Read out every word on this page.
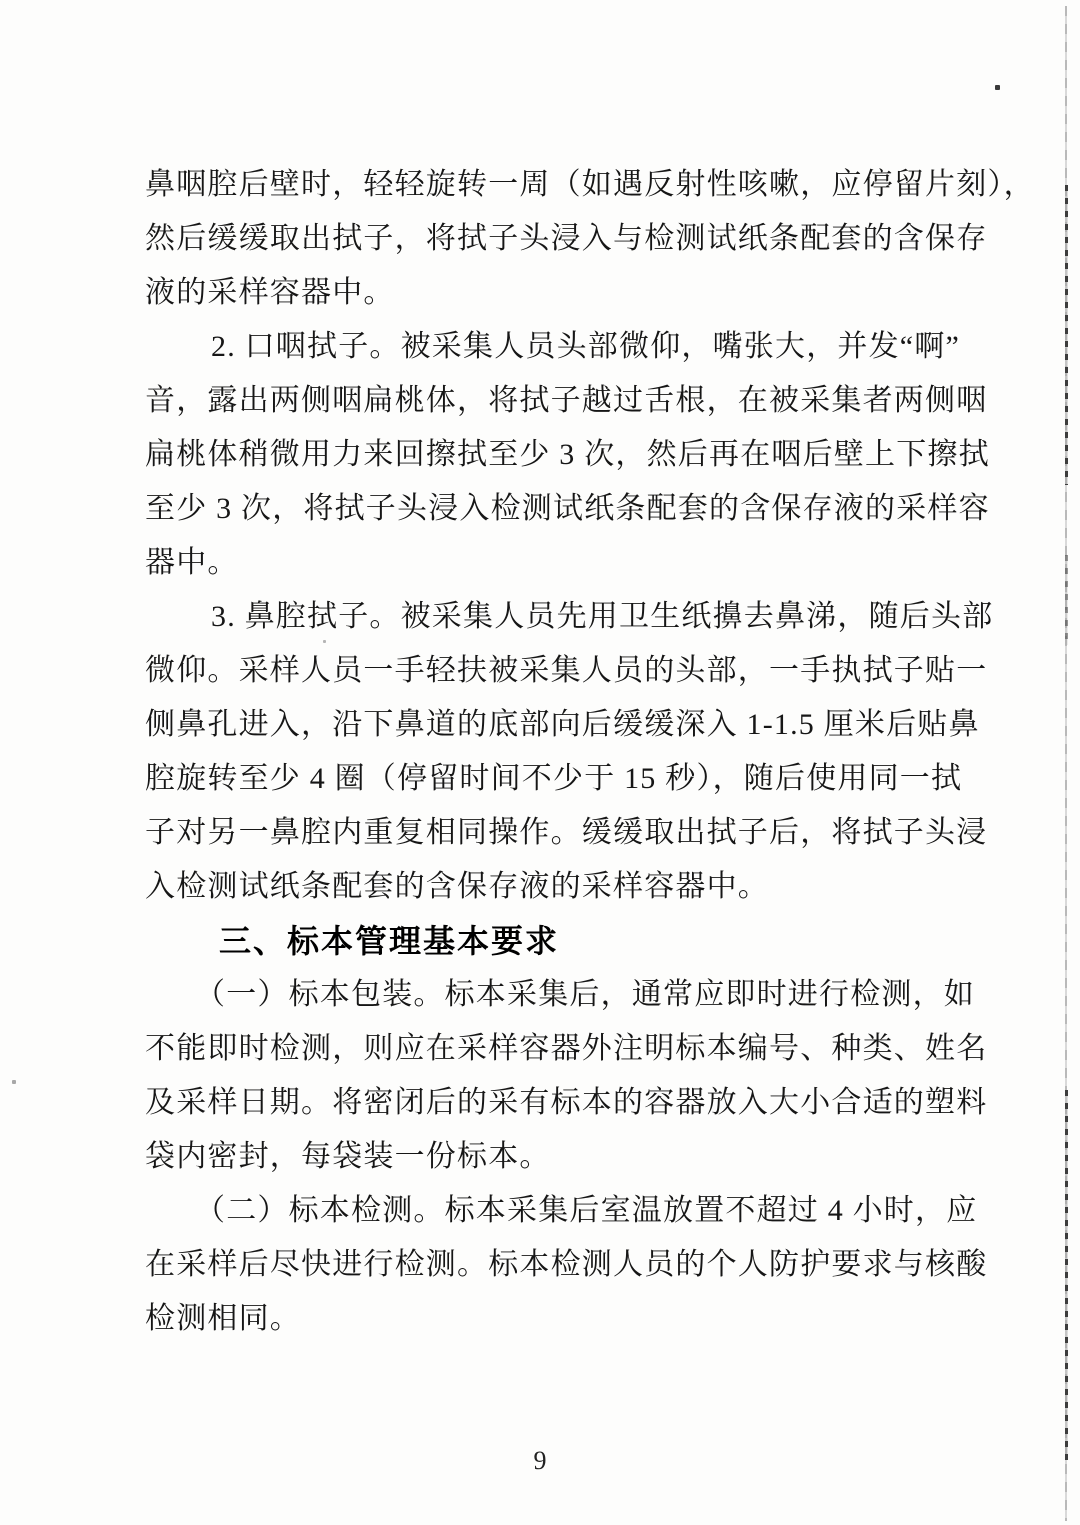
鼻咽腔后壁时，轻轻旋转一周（如遇反射性咳嗽，应停留片刻），
然后缓缓取出拭子，将拭子头浸入与检测试纸条配套的含保存
液的采样容器中。
2. 口咽拭子。被采集人员头部微仰，嘴张大，并发“啊”
音，露出两侧咽扁桃体，将拭子越过舌根，在被采集者两侧咽
扁桃体稍微用力来回擦拭至少 3 次，然后再在咽后壁上下擦拭
至少 3 次，将拭子头浸入检测试纸条配套的含保存液的采样容
器中。
3. 鼻腔拭子。被采集人员先用卫生纸擤去鼻涕，随后头部
微仰。采样人员一手轻扶被采集人员的头部，一手执拭子贴一
侧鼻孔进入，沿下鼻道的底部向后缓缓深入 1-1.5 厘米后贴鼻
腔旋转至少 4 圈（停留时间不少于 15 秒），随后使用同一拭
子对另一鼻腔内重复相同操作。缓缓取出拭子后，将拭子头浸
入检测试纸条配套的含保存液的采样容器中。
三、标本管理基本要求
（一）标本包装。标本采集后，通常应即时进行检测，如
不能即时检测，则应在采样容器外注明标本编号、种类、姓名
及采样日期。将密闭后的采有标本的容器放入大小合适的塑料
袋内密封，每袋装一份标本。
（二）标本检测。标本采集后室温放置不超过 4 小时，应
在采样后尽快进行检测。标本检测人员的个人防护要求与核酸
检测相同。
9
